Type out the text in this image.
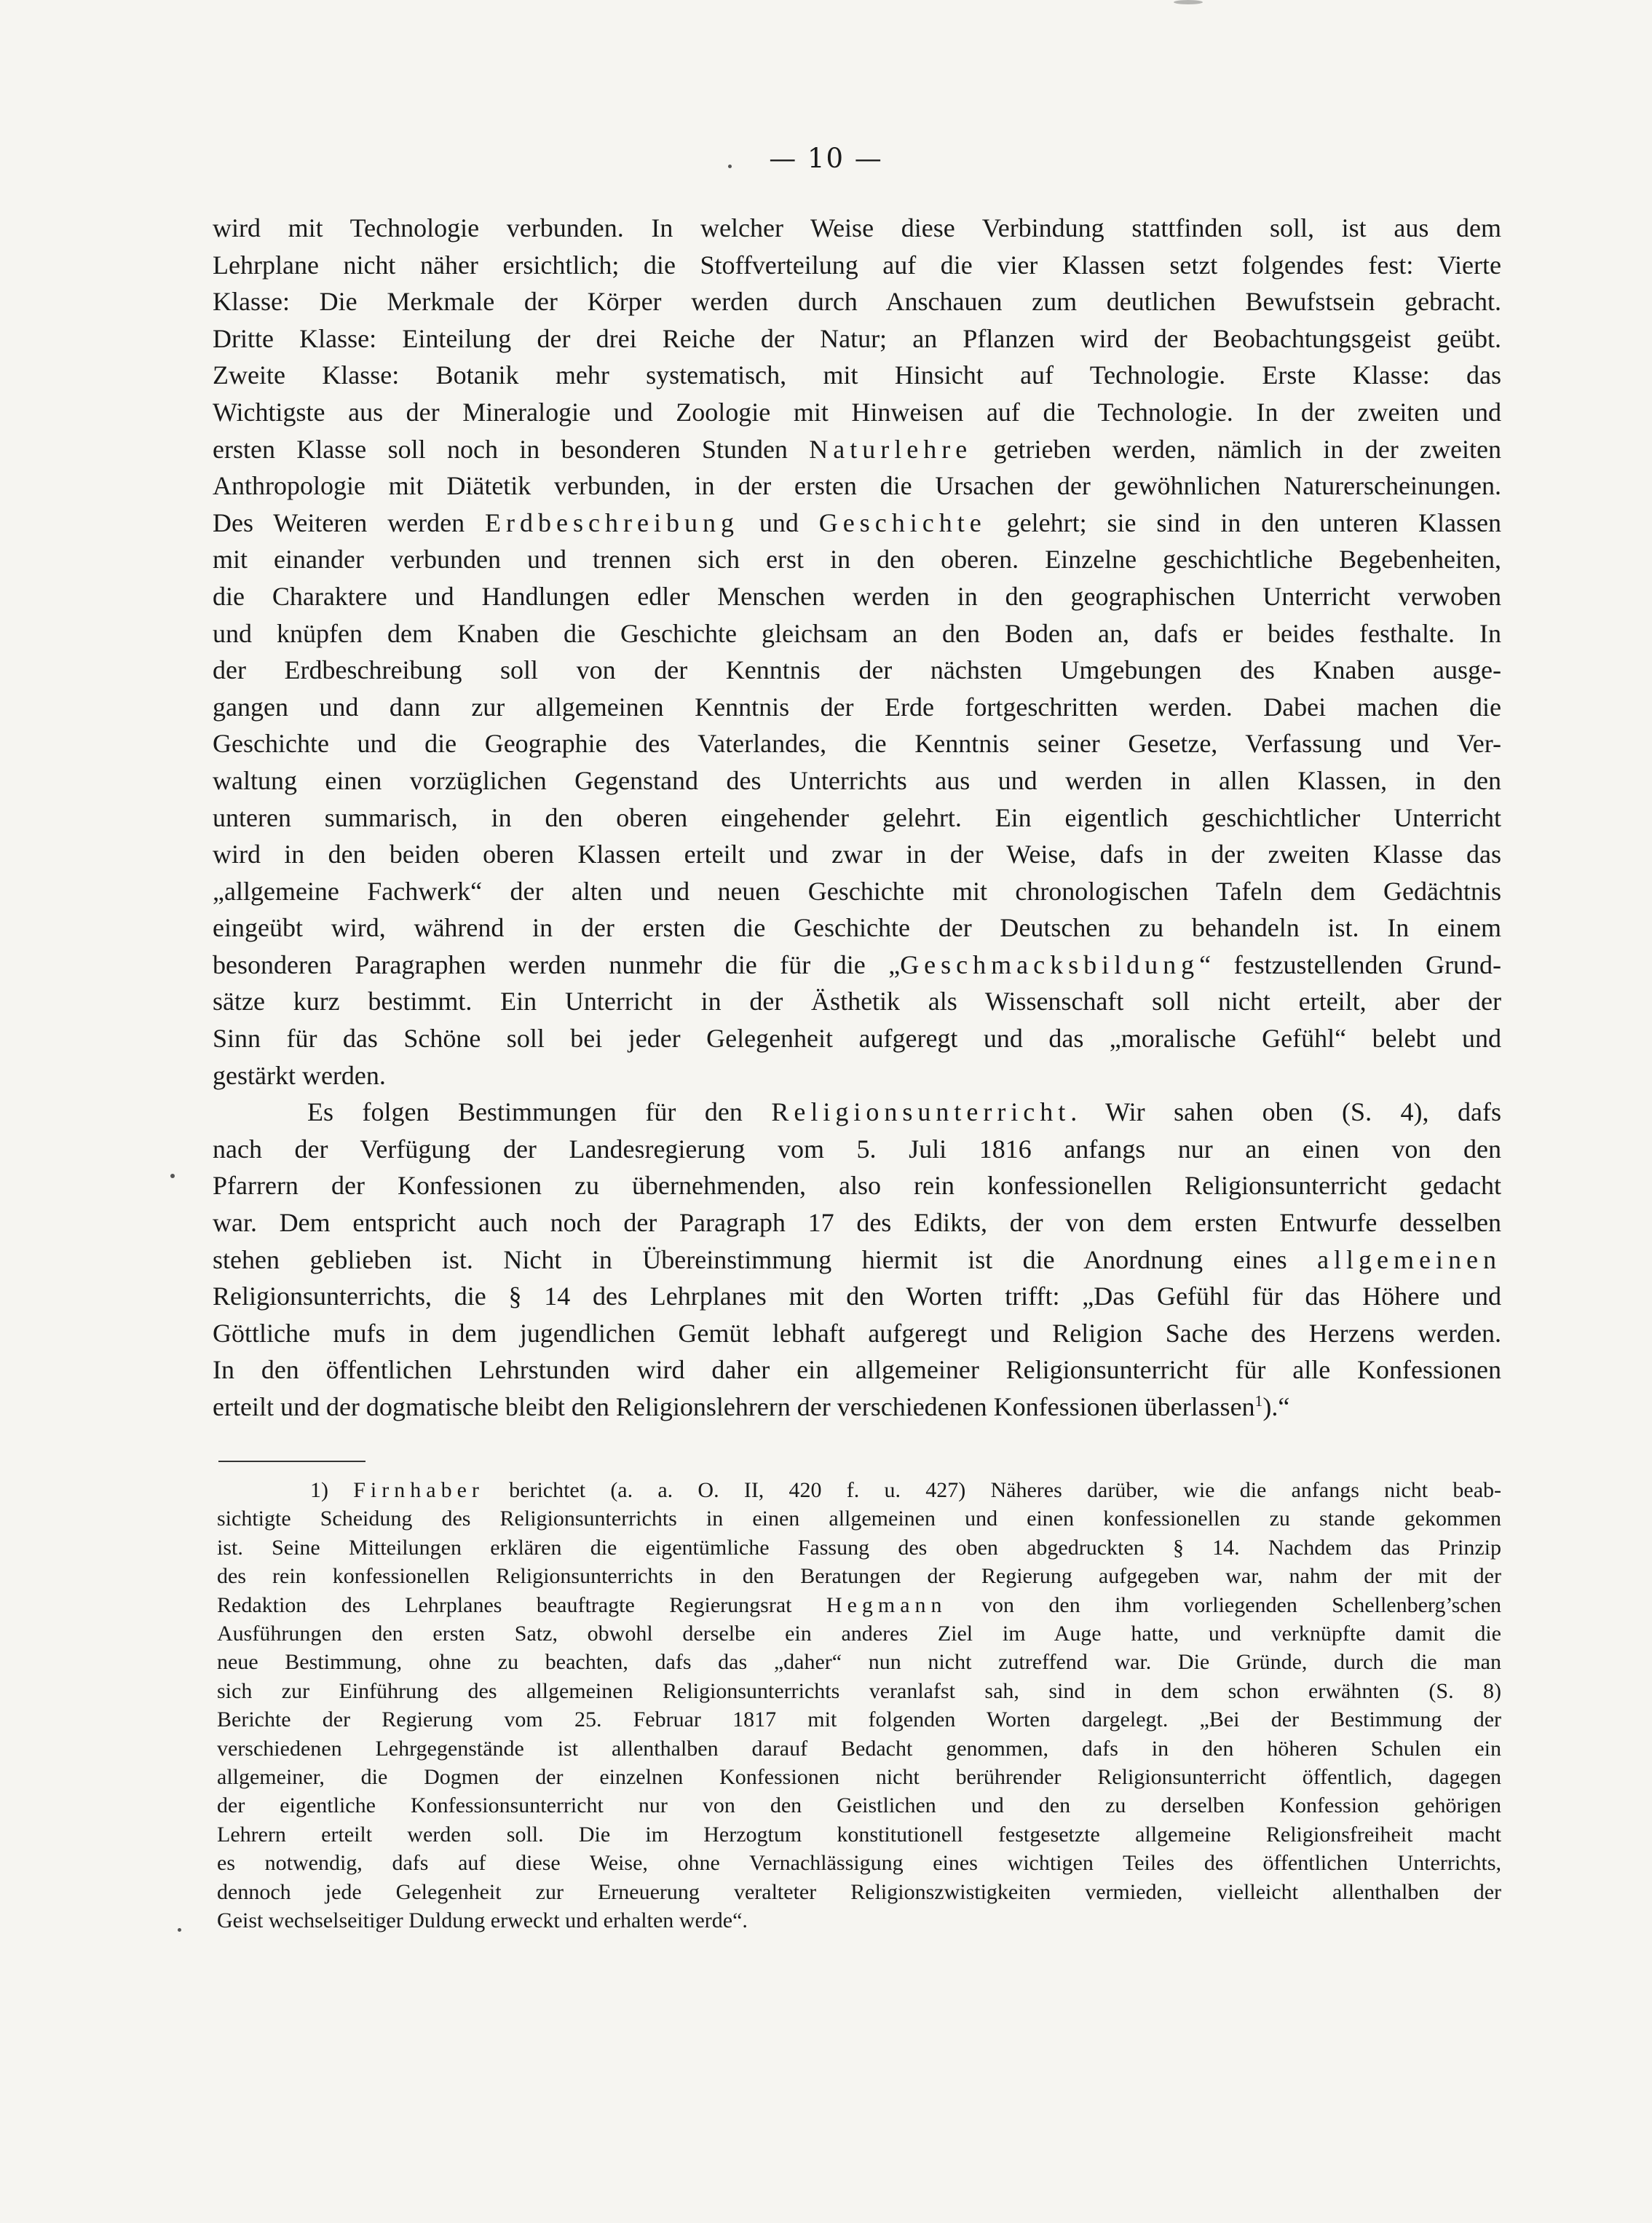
— 10 —
wird mit Technologie verbunden. In welcher Weise diese Verbindung stattfinden soll, ist aus dem
Lehrplane nicht näher ersichtlich; die Stoffverteilung auf die vier Klassen setzt folgendes fest: Vierte
Klasse: Die Merkmale der Körper werden durch Anschauen zum deutlichen Bewufstsein gebracht.
Dritte Klasse: Einteilung der drei Reiche der Natur; an Pflanzen wird der Beobachtungsgeist geübt.
Zweite Klasse: Botanik mehr systematisch, mit Hinsicht auf Technologie. Erste Klasse: das
Wichtigste aus der Mineralogie und Zoologie mit Hinweisen auf die Technologie. In der zweiten und
ersten Klasse soll noch in besonderen Stunden Naturlehre getrieben werden, nämlich in der zweiten
Anthropologie mit Diätetik verbunden, in der ersten die Ursachen der gewöhnlichen Naturerscheinungen.
Des Weiteren werden Erdbeschreibung und Geschichte gelehrt; sie sind in den unteren Klassen
mit einander verbunden und trennen sich erst in den oberen. Einzelne geschichtliche Begebenheiten,
die Charaktere und Handlungen edler Menschen werden in den geographischen Unterricht verwoben
und knüpfen dem Knaben die Geschichte gleichsam an den Boden an, dafs er beides festhalte. In
der Erdbeschreibung soll von der Kenntnis der nächsten Umgebungen des Knaben ausge-
gangen und dann zur allgemeinen Kenntnis der Erde fortgeschritten werden. Dabei machen die
Geschichte und die Geographie des Vaterlandes, die Kenntnis seiner Gesetze, Verfassung und Ver-
waltung einen vorzüglichen Gegenstand des Unterrichts aus und werden in allen Klassen, in den
unteren summarisch, in den oberen eingehender gelehrt. Ein eigentlich geschichtlicher Unterricht
wird in den beiden oberen Klassen erteilt und zwar in der Weise, dafs in der zweiten Klasse das
„allgemeine Fachwerk“ der alten und neuen Geschichte mit chronologischen Tafeln dem Gedächtnis
eingeübt wird, während in der ersten die Geschichte der Deutschen zu behandeln ist. In einem
besonderen Paragraphen werden nunmehr die für die „Geschmacksbildung“ festzustellenden Grund-
sätze kurz bestimmt. Ein Unterricht in der Ästhetik als Wissenschaft soll nicht erteilt, aber der
Sinn für das Schöne soll bei jeder Gelegenheit aufgeregt und das „moralische Gefühl“ belebt und
gestärkt werden.
Es folgen Bestimmungen für den Religionsunterricht. Wir sahen oben (S. 4), dafs
nach der Verfügung der Landesregierung vom 5. Juli 1816 anfangs nur an einen von den
Pfarrern der Konfessionen zu übernehmenden, also rein konfessionellen Religionsunterricht gedacht
war. Dem entspricht auch noch der Paragraph 17 des Edikts, der von dem ersten Entwurfe desselben
stehen geblieben ist. Nicht in Übereinstimmung hiermit ist die Anordnung eines allgemeinen
Religionsunterrichts, die § 14 des Lehrplanes mit den Worten trifft: „Das Gefühl für das Höhere und
Göttliche mufs in dem jugendlichen Gemüt lebhaft aufgeregt und Religion Sache des Herzens werden.
In den öffentlichen Lehrstunden wird daher ein allgemeiner Religionsunterricht für alle Konfessionen
erteilt und der dogmatische bleibt den Religionslehrern der verschiedenen Konfessionen überlassen$^1$).“
1) Firnhaber berichtet (a. a. O. II, 420 f. u. 427) Näheres darüber, wie die anfangs nicht beab-
sichtigte Scheidung des Religionsunterrichts in einen allgemeinen und einen konfessionellen zu stande gekommen
ist. Seine Mitteilungen erklären die eigentümliche Fassung des oben abgedruckten § 14. Nachdem das Prinzip
des rein konfessionellen Religionsunterrichts in den Beratungen der Regierung aufgegeben war, nahm der mit der
Redaktion des Lehrplanes beauftragte Regierungsrat Hegmann von den ihm vorliegenden Schellenberg’schen
Ausführungen den ersten Satz, obwohl derselbe ein anderes Ziel im Auge hatte, und verknüpfte damit die
neue Bestimmung, ohne zu beachten, dafs das „daher“ nun nicht zutreffend war. Die Gründe, durch die man
sich zur Einführung des allgemeinen Religionsunterrichts veranlafst sah, sind in dem schon erwähnten (S. 8)
Berichte der Regierung vom 25. Februar 1817 mit folgenden Worten dargelegt. „Bei der Bestimmung der
verschiedenen Lehrgegenstände ist allenthalben darauf Bedacht genommen, dafs in den höheren Schulen ein
allgemeiner, die Dogmen der einzelnen Konfessionen nicht berührender Religionsunterricht öffentlich, dagegen
der eigentliche Konfessionsunterricht nur von den Geistlichen und den zu derselben Konfession gehörigen
Lehrern erteilt werden soll. Die im Herzogtum konstitutionell festgesetzte allgemeine Religionsfreiheit macht
es notwendig, dafs auf diese Weise, ohne Vernachlässigung eines wichtigen Teiles des öffentlichen Unterrichts,
dennoch jede Gelegenheit zur Erneuerung veralteter Religionszwistigkeiten vermieden, vielleicht allenthalben der
Geist wechselseitiger Duldung erweckt und erhalten werde“.
